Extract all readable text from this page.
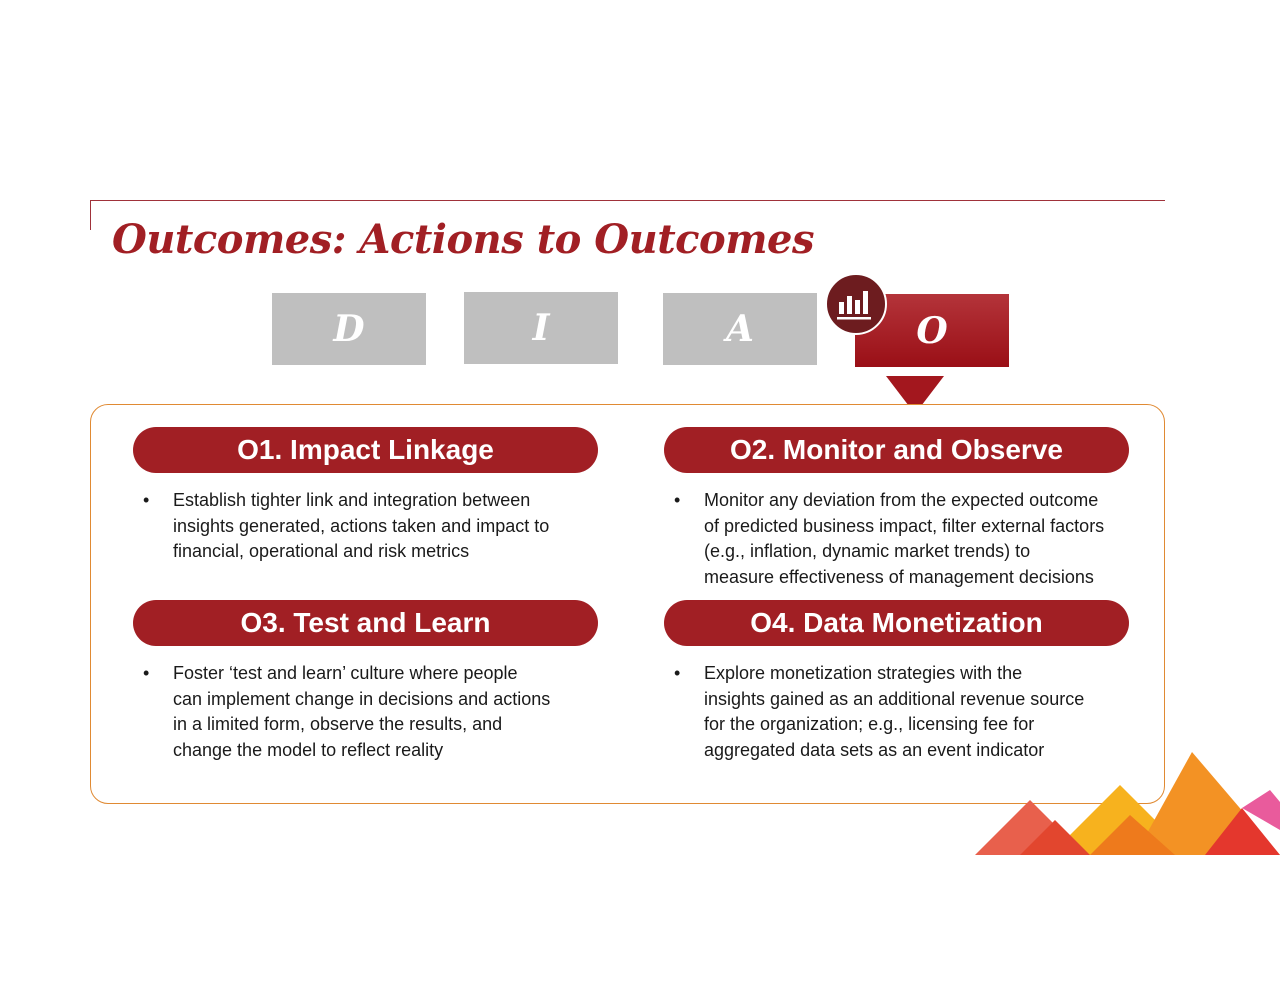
Outcomes: Actions to Outcomes
D	I	A	O
O1. Impact Linkage
• Establish tighter link and integration between
insights generated, actions taken and impact to
financial, operational and risk metrics
O2. Monitor and Observe
• Monitor any deviation from the expected outcome
of predicted business impact, filter external factors
(e.g., inflation, dynamic market trends) to
measure effectiveness of management decisions
O3. Test and Learn
• Foster ‘test and learn’ culture where people
can implement change in decisions and actions
in a limited form, observe the results, and
change the model to reflect reality
O4. Data Monetization
• Explore monetization strategies with the
insights gained as an additional revenue source
for the organization; e.g., licensing fee for
aggregated data sets as an event indicator
